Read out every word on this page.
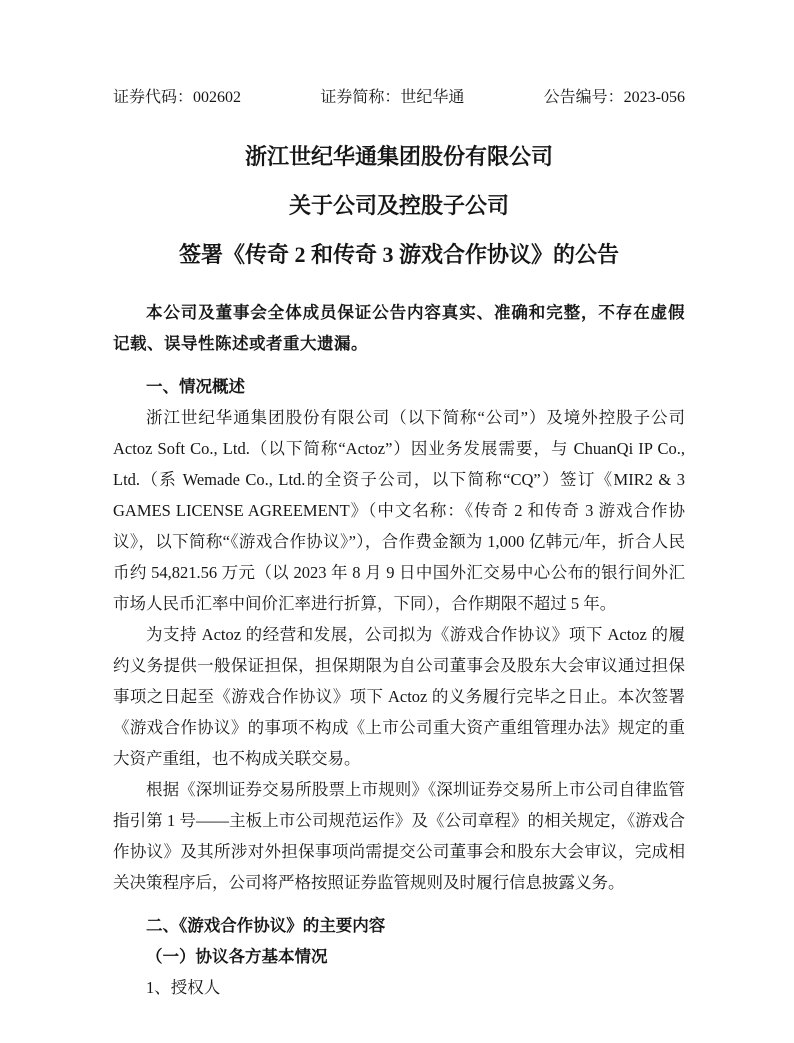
证券代码：002602	证券简称：世纪华通	公告编号：2023-056
浙江世纪华通集团股份有限公司
关于公司及控股子公司
签署《传奇 2 和传奇 3 游戏合作协议》的公告
本公司及董事会全体成员保证公告内容真实、准确和完整，不存在虚假记载、误导性陈述或者重大遗漏。

一、情况概述

浙江世纪华通集团股份有限公司（以下简称“公司”）及境外控股子公司 Actoz Soft Co., Ltd.（以下简称“Actoz”）因业务发展需要，与 ChuanQi IP Co., Ltd.（系 Wemade Co., Ltd.的全资子公司，以下简称“CQ”）签订《MIR2 & 3 GAMES LICENSE AGREEMENT》（中文名称：《传奇 2 和传奇 3 游戏合作协议》，以下简称“《游戏合作协议》”），合作费金额为 1,000 亿韩元/年，折合人民币约 54,821.56 万元（以 2023 年 8 月 9 日中国外汇交易中心公布的银行间外汇市场人民币汇率中间价汇率进行折算，下同），合作期限不超过 5 年。

为支持 Actoz 的经营和发展，公司拟为《游戏合作协议》项下 Actoz 的履约义务提供一般保证担保，担保期限为自公司董事会及股东大会审议通过担保事项之日起至《游戏合作协议》项下 Actoz 的义务履行完毕之日止。本次签署《游戏合作协议》的事项不构成《上市公司重大资产重组管理办法》规定的重大资产重组，也不构成关联交易。

根据《深圳证券交易所股票上市规则》《深圳证券交易所上市公司自律监管指引第 1 号——主板上市公司规范运作》及《公司章程》的相关规定，《游戏合作协议》及其所涉对外担保事项尚需提交公司董事会和股东大会审议，完成相关决策程序后，公司将严格按照证券监管规则及时履行信息披露义务。

二、《游戏合作协议》的主要内容

（一）协议各方基本情况

1、授权人
